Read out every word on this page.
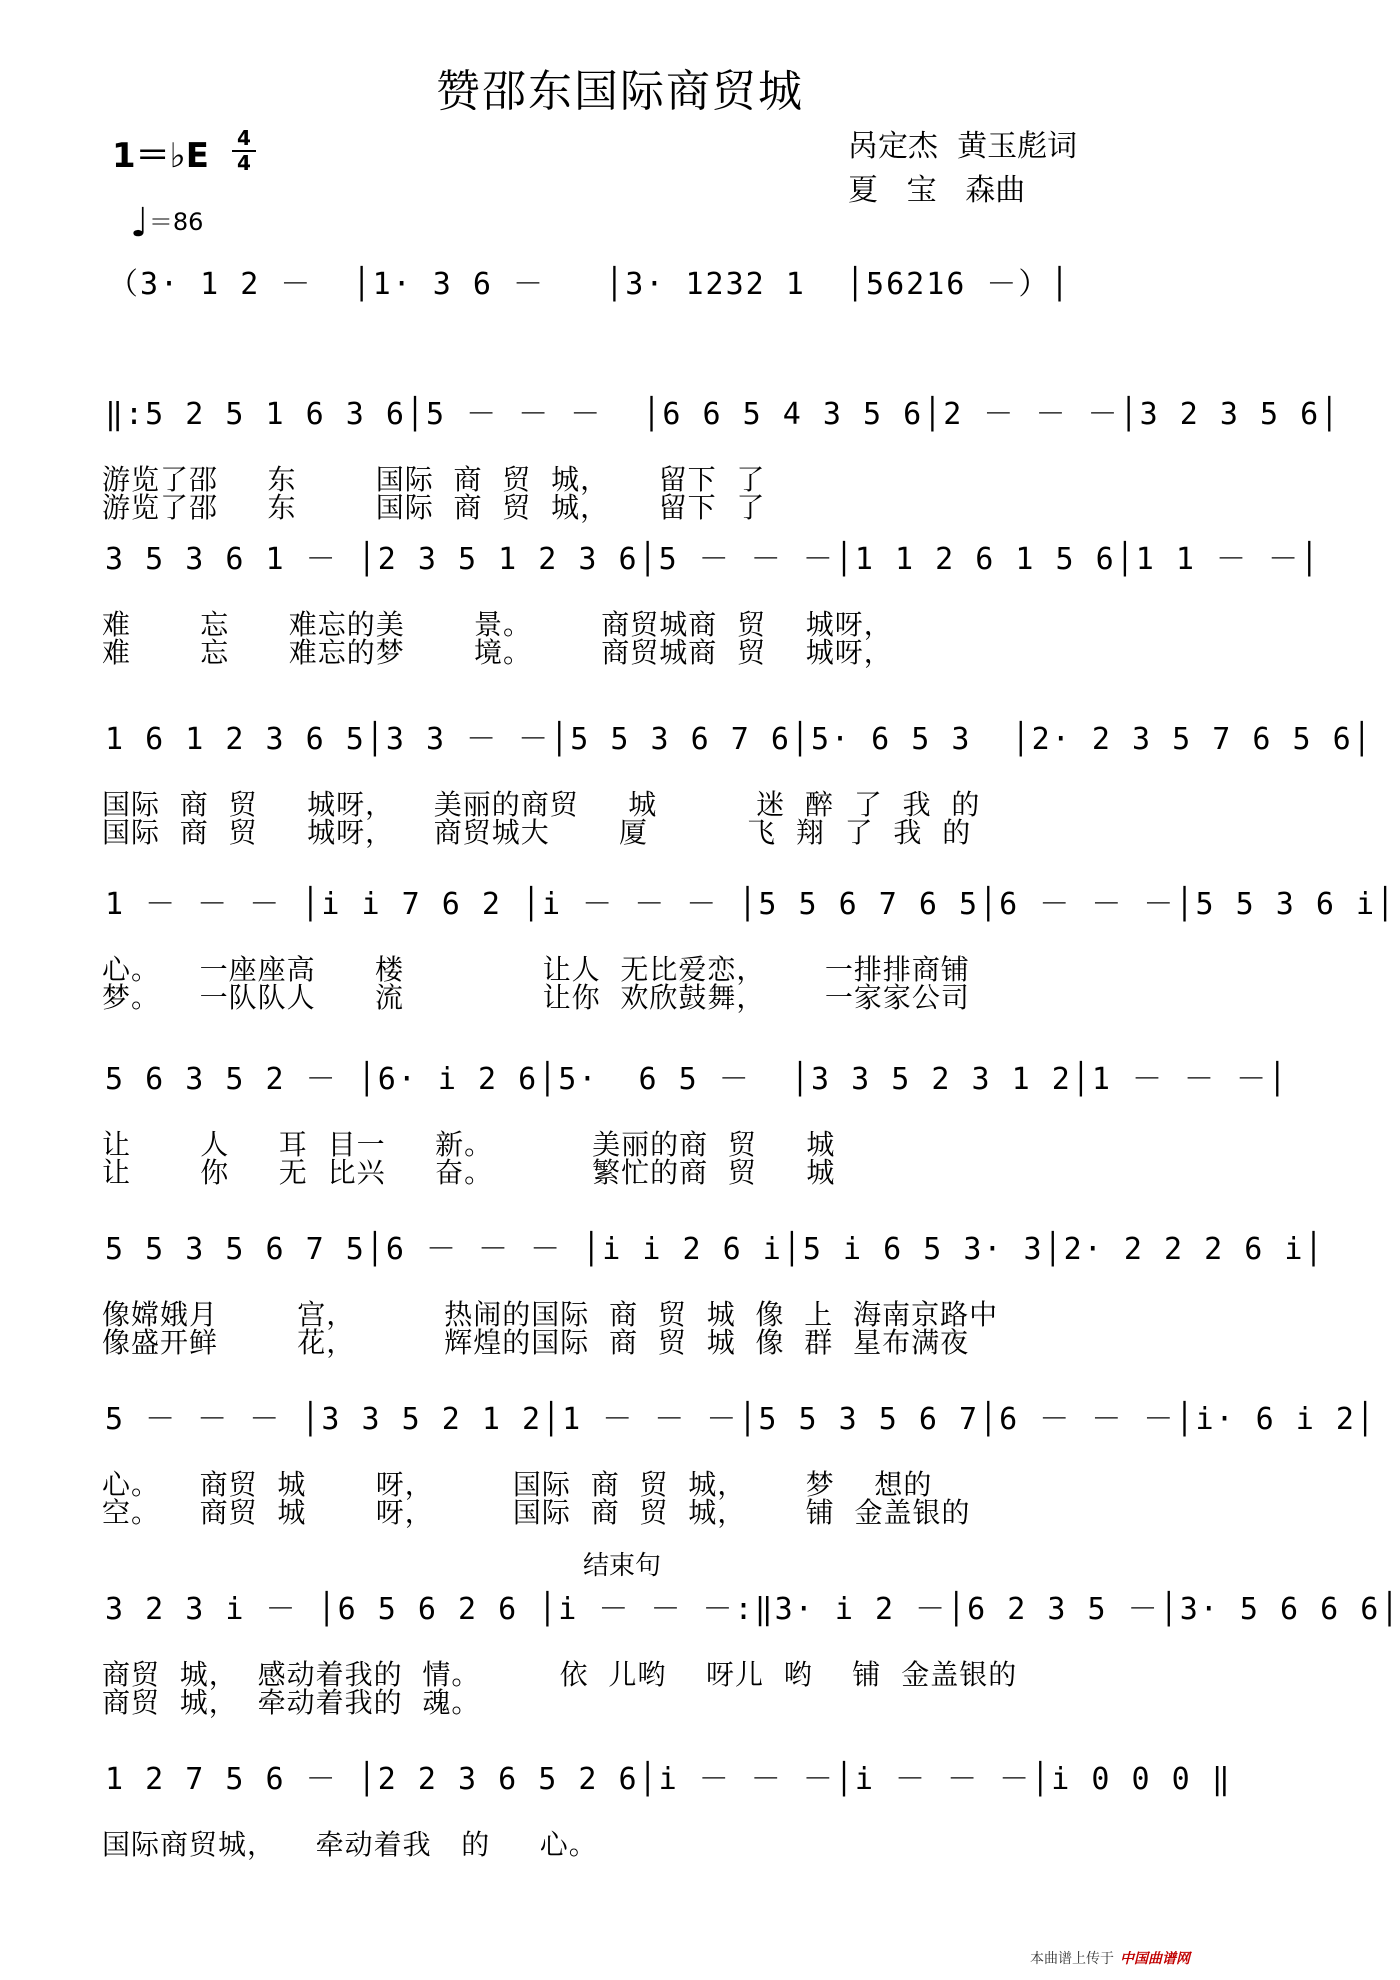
赞邵东国际商贸城
1＝♭E 4
4
♩＝86
呙定杰  黄玉彪词
夏   宝   森曲
（3· 1 2 －  │1· 3 6 －   │3· 1232 1  │56216 －）│
‖:5 2 5 1 6 3 6│5 － － －  │6 6 5 4 3 5 6│2 － － －│3 2 3 5 6│
游览了邵     东        国际  商  贸  城，     留下  了
游览了邵     东        国际  商  贸  城，     留下  了
3 5 3 6 1 － │2 3 5 1 2 3 6│5 － － －│1 1 2 6 1 5 6│1 1 － －│
难       忘      难忘的美       景。       商贸城商  贸    城呀，
难       忘      难忘的梦       境。       商贸城商  贸    城呀，
1 6 1 2 3 6 5│3 3 － －│5 5 3 6 7 6│5· 6 5 3  │2· 2 3 5 7 6 5 6│
国际  商  贸     城呀，    美丽的商贸     城          迷  醉  了  我  的
国际  商  贸     城呀，    商贸城大       厦          飞  翔  了  我  的
1 － － － │i i 7 6 2 │i － － － │5 5 6 7 6 5│6 － － －│5 5 3 6 i│
心。    一座座高      楼              让人  无比爱恋，      一排排商铺
梦。    一队队人      流              让你  欢欣鼓舞，      一家家公司
5 6 3 5 2 － │6· i 2 6│5·  6 5 －  │3 3 5 2 3 1 2│1 － － －│
让       人     耳  目一     新。          美丽的商  贸     城
让       你     无  比兴     奋。          繁忙的商  贸     城
5 5 3 5 6 7 5│6 － － － │i i 2 6 i│5 i 6 5 3· 3│2· 2 2 2 6 i│
像嫦娥月        宫，         热闹的国际  商  贸  城  像  上  海南京路中
像盛开鲜        花，         辉煌的国际  商  贸  城  像  群  星布满夜
5 － － － │3 3 5 2 1 2│1 － － －│5 5 3 5 6 7│6 － － －│i· 6 i 2│
心。    商贸  城       呀，        国际  商  贸  城，      梦    想的
空。    商贸  城       呀，        国际  商  贸  城，      铺  金盖银的
结束句
3 2 3 i － │6 5 6 2 6 │i － － －:‖3· i 2 －│6 2 3 5 －│3· 5 6 6 6│
商贸  城，  感动着我的  情。        依  儿哟    呀儿  哟    铺  金盖银的
商贸  城，  牵动着我的  魂。
1 2 7 5 6 － │2 2 3 6 5 2 6│i － － －│i － － －│i 0 0 0 ‖
国际商贸城，    牵动着我   的     心。
本曲谱上传于 中国曲谱网
